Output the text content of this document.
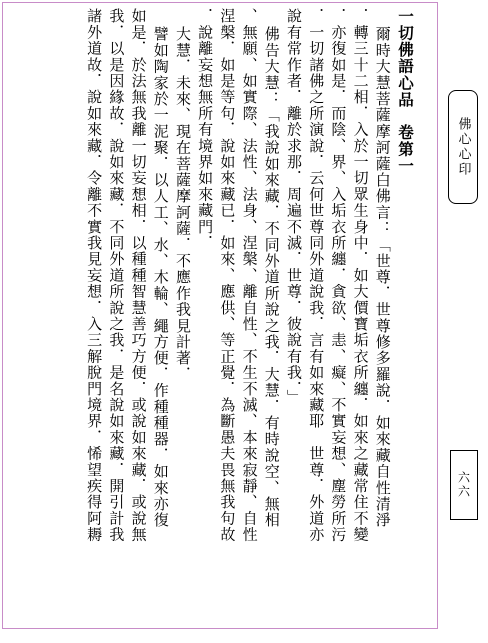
一切佛語心品卷第一
爾時大慧菩薩摩訶薩白佛言：「世尊．世尊修多羅說．如來藏自性清淨
．轉三十二相．入於一切眾生身中．如大價寶垢衣所纏．如來之藏常住不變
．亦復如是．而陰、界、入垢衣所纏．貪欲、恚、癡、不實妄想、塵勞所污
．一切諸佛之所演說．云何世尊同外道說我．言有如來藏耶　世尊．外道亦
說有常作者．離於求那．周遍不滅．世尊．彼說有我．」
佛告大慧：「我說如來藏．不同外道所說之我．大慧．有時說空、無相
、無願、如實際、法性、法身、涅槃、離自性、不生不滅、本來寂靜、自性
涅槃．如是等句．說如來藏已．如來、應供、等正覺．為斷愚夫畏無我句故
．說離妄想無所有境界如來藏門．
大慧．未來、現在菩薩摩訶薩．不應作我見計著．
譬如陶家於一泥聚．以人工、水、木輪、繩方便．作種種器．如來亦復
如是．於法無我離一切妄想相．以種種智慧善巧方便．或說如來藏．或說無
我．以是因緣故．說如來藏．不同外道所說之我．是名說如來藏．開引計我
諸外道故．說如來藏．令離不實我見妄想．入三解脫門境界．悕望疾得阿耨	佛心心印
六六
